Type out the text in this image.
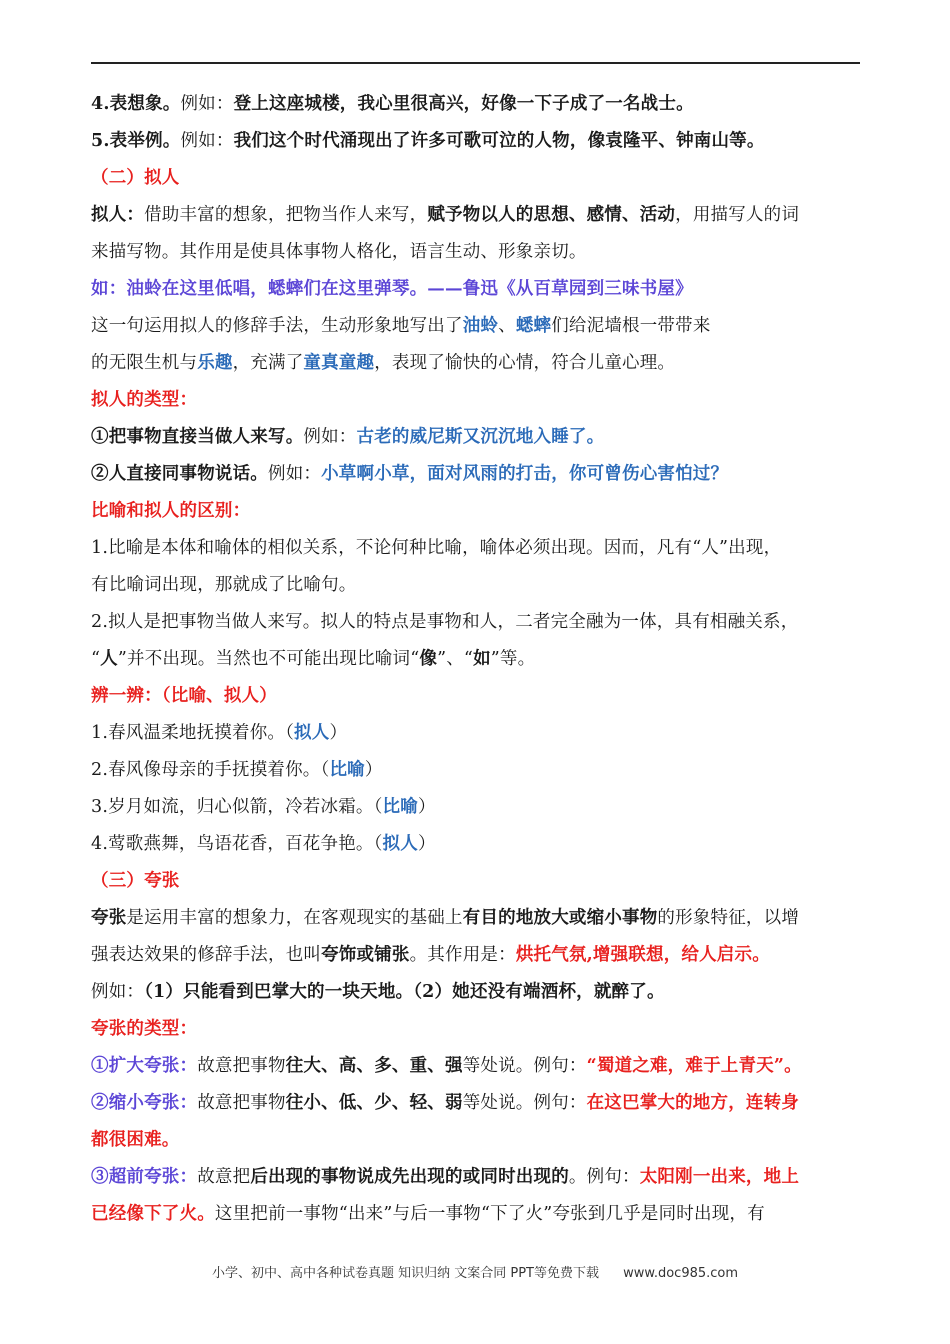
4.表想象。例如：登上这座城楼，我心里很高兴，好像一下子成了一名战士。
5.表举例。例如：我们这个时代涌现出了许多可歌可泣的人物，像袁隆平、钟南山等。
（二）拟人
拟人：借助丰富的想象，把物当作人来写，赋予物以人的思想、感情、活动，用描写人的词
来描写物。其作用是使具体事物人格化，语言生动、形象亲切。
如：油蛉在这里低唱，蟋蟀们在这里弹琴。——鲁迅《从百草园到三味书屋》
这一句运用拟人的修辞手法，生动形象地写出了油蛉、蟋蟀们给泥墙根一带带来
的无限生机与乐趣，充满了童真童趣，表现了愉快的心情，符合儿童心理。
拟人的类型：
①把事物直接当做人来写。例如：古老的威尼斯又沉沉地入睡了。
②人直接同事物说话。例如：小草啊小草，面对风雨的打击，你可曾伤心害怕过？
比喻和拟人的区别：
1.比喻是本体和喻体的相似关系，不论何种比喻，喻体必须出现。因而，凡有“人”出现，
有比喻词出现，那就成了比喻句。
2.拟人是把事物当做人来写。拟人的特点是事物和人，二者完全融为一体，具有相融关系，
“人”并不出现。当然也不可能出现比喻词“像”、“如”等。
辨一辨：（比喻、拟人）
1.春风温柔地抚摸着你。（拟人）
2.春风像母亲的手抚摸着你。（比喻）
3.岁月如流，归心似箭，冷若冰霜。（比喻）
4.莺歌燕舞，鸟语花香，百花争艳。（拟人）
（三）夸张
夸张是运用丰富的想象力，在客观现实的基础上有目的地放大或缩小事物的形象特征，以增
强表达效果的修辞手法，也叫夸饰或铺张。其作用是：烘托气氛,增强联想，给人启示。
例如：（1）只能看到巴掌大的一块天地。（2）她还没有端酒杯，就醉了。
夸张的类型：
①扩大夸张：故意把事物往大、高、多、重、强等处说。例句：“蜀道之难，难于上青天”。
②缩小夸张：故意把事物往小、低、少、轻、弱等处说。例句：在这巴掌大的地方，连转身
都很困难。
③超前夸张：故意把后出现的事物说成先出现的或同时出现的。例句：太阳刚一出来，地上
已经像下了火。这里把前一事物“出来”与后一事物“下了火”夸张到几乎是同时出现，有
小学、初中、高中各种试卷真题 知识归纳 文案合同 PPT等免费下载 www.doc985.com
